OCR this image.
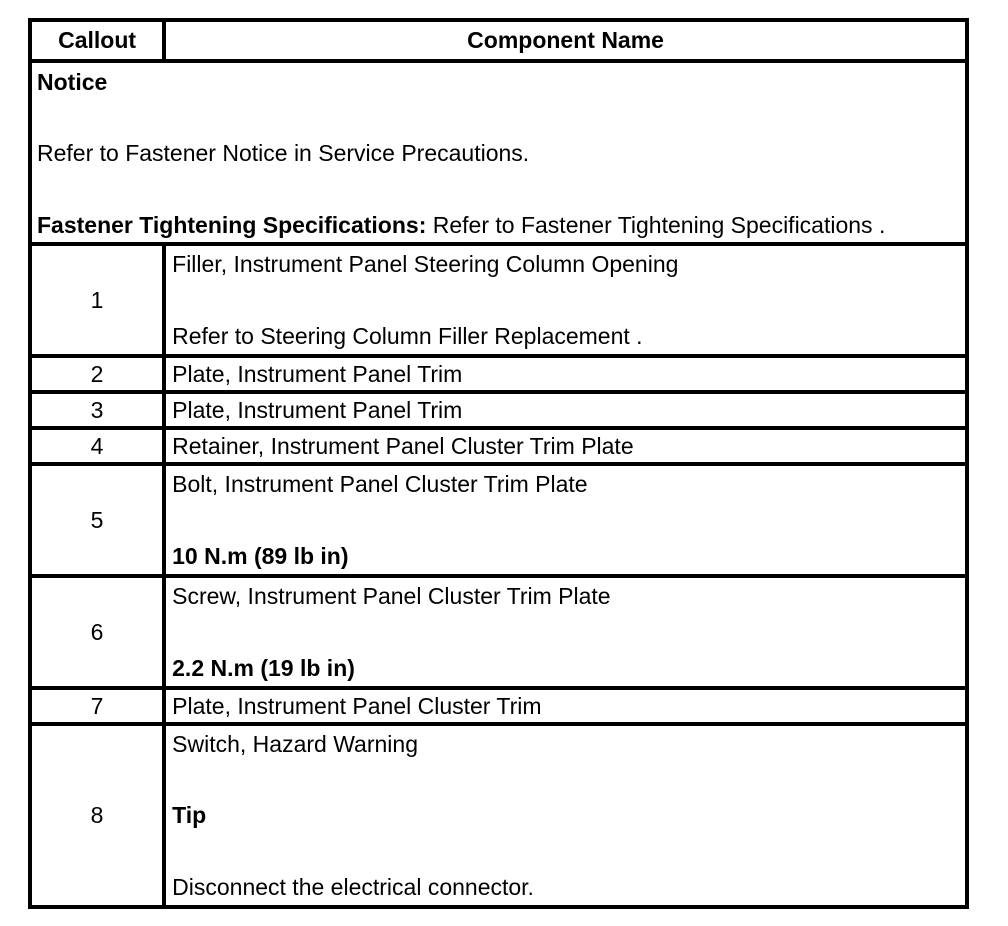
Callout	Component Name

Notice

Refer to Fastener Notice in Service Precautions.

Fastener Tightening Specifications: Refer to Fastener Tightening Specifications .	

1	Filler, Instrument Panel Steering Column Opening

Refer to Steering Column Filler Replacement .

2	Plate, Instrument Panel Trim
3	Plate, Instrument Panel Trim
4	Retainer, Instrument Panel Cluster Trim Plate
5	Bolt, Instrument Panel Cluster Trim Plate

10 N.m (89 lb in)

6	Screw, Instrument Panel Cluster Trim Plate

2.2 N.m (19 lb in)

7	Plate, Instrument Panel Cluster Trim
8	Switch, Hazard Warning

Tip

Disconnect the electrical connector.
